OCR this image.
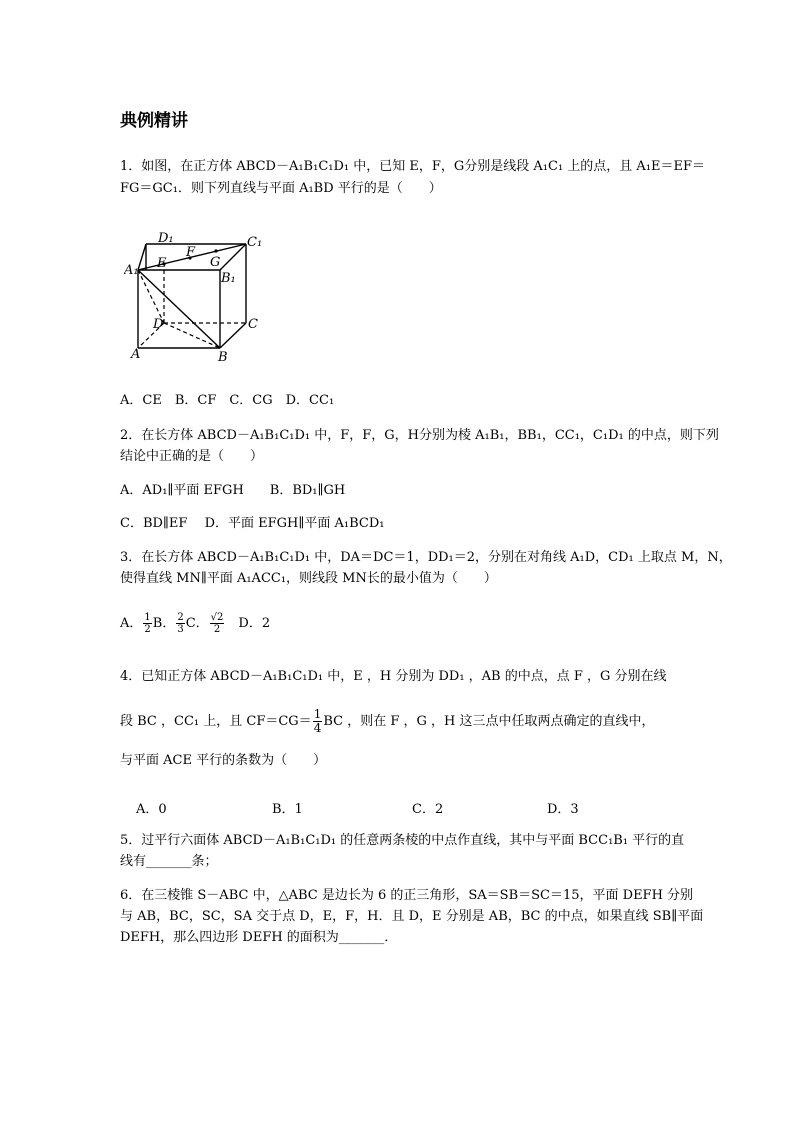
典例精讲
1．如图，在正方体 ABCD－A₁B₁C₁D₁ 中，已知 E，F，G分别是线段 A₁C₁ 上的点，且 A₁E＝EF＝
FG＝GC₁．则下列直线与平面 A₁BD 平行的是（　　）
D₁	C₁
A₁ E
F
G
B₁
D	C
A	B
A．CE　B．CF　C．CG　D．CC₁
2．在长方体 ABCD－A₁B₁C₁D₁ 中，F，F，G，H分别为棱 A₁B₁，BB₁，CC₁，C₁D₁ 的中点，则下列
结论中正确的是（　　）
A．AD₁∥平面 EFGH　　B．BD₁∥GH
C．BD∥EF　 D．平面 EFGH∥平面 A₁BCD₁
3．在长方体 ABCD－A₁B₁C₁D₁ 中，DA＝DC＝1，DD₁＝2，分别在对角线 A₁D，CD₁ 上取点 M，N，
使得直线 MN∥平面 A₁ACC₁，则线段 MN长的最小值为（　　）
A． $\frac{1}{2}$ B． $\frac{2}{3}$ C． $\frac{√2}{2}$ 　D．2
4．已知正方体 ABCD－A₁B₁C₁D₁ 中，E ，H 分别为 DD₁ ，AB 的中点，点 F ，G 分别在线
段 BC ，CC₁ 上，且 $CF=CG= \frac{1}{4}$ BC ，则在 F ，G ，H 这三点中任取两点确定的直线中，
与平面 ACE 平行的条数为（　　）
A．0	B．1	C．2	D．3
5．过平行六面体 ABCD－A₁B₁C₁D₁ 的任意两条棱的中点作直线，其中与平面 BCC₁B₁ 平行的直
线有_______条；
6．在三棱锥 S－ABC 中，△ABC 是边长为 6 的正三角形，SA＝SB＝SC＝15，平面 DEFH 分别
与 AB，BC，SC，SA 交于点 D，E，F，H．且 D，E 分别是 AB，BC 的中点，如果直线 SB∥平面
DEFH，那么四边形 DEFH 的面积为_______．
